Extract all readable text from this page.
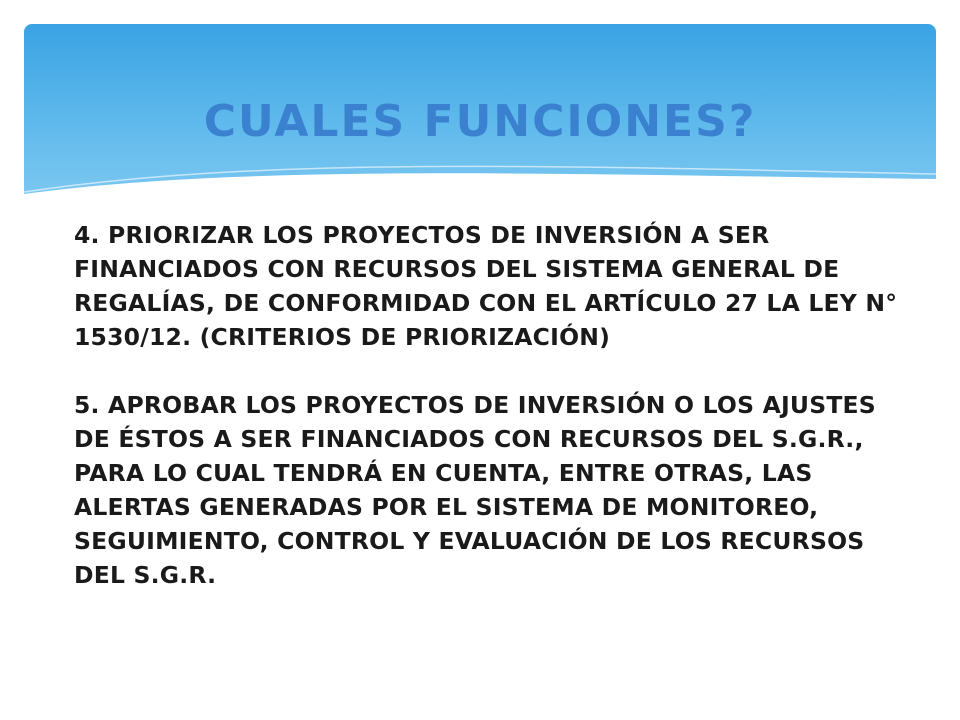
CUALES FUNCIONES?

4. PRIORIZAR LOS PROYECTOS DE INVERSIÓN A SER FINANCIADOS CON RECURSOS DEL SISTEMA GENERAL DE REGALÍAS, DE CONFORMIDAD CON EL ARTÍCULO 27 LA LEY N° 1530/12. (CRITERIOS DE PRIORIZACIÓN)

5. APROBAR LOS PROYECTOS DE INVERSIÓN O LOS AJUSTES DE ÉSTOS A SER FINANCIADOS CON RECURSOS DEL S.G.R., PARA LO CUAL TENDRÁ EN CUENTA, ENTRE OTRAS, LAS ALERTAS GENERADAS POR EL SISTEMA DE MONITOREO, SEGUIMIENTO, CONTROL Y EVALUACIÓN DE LOS RECURSOS DEL S.G.R.
